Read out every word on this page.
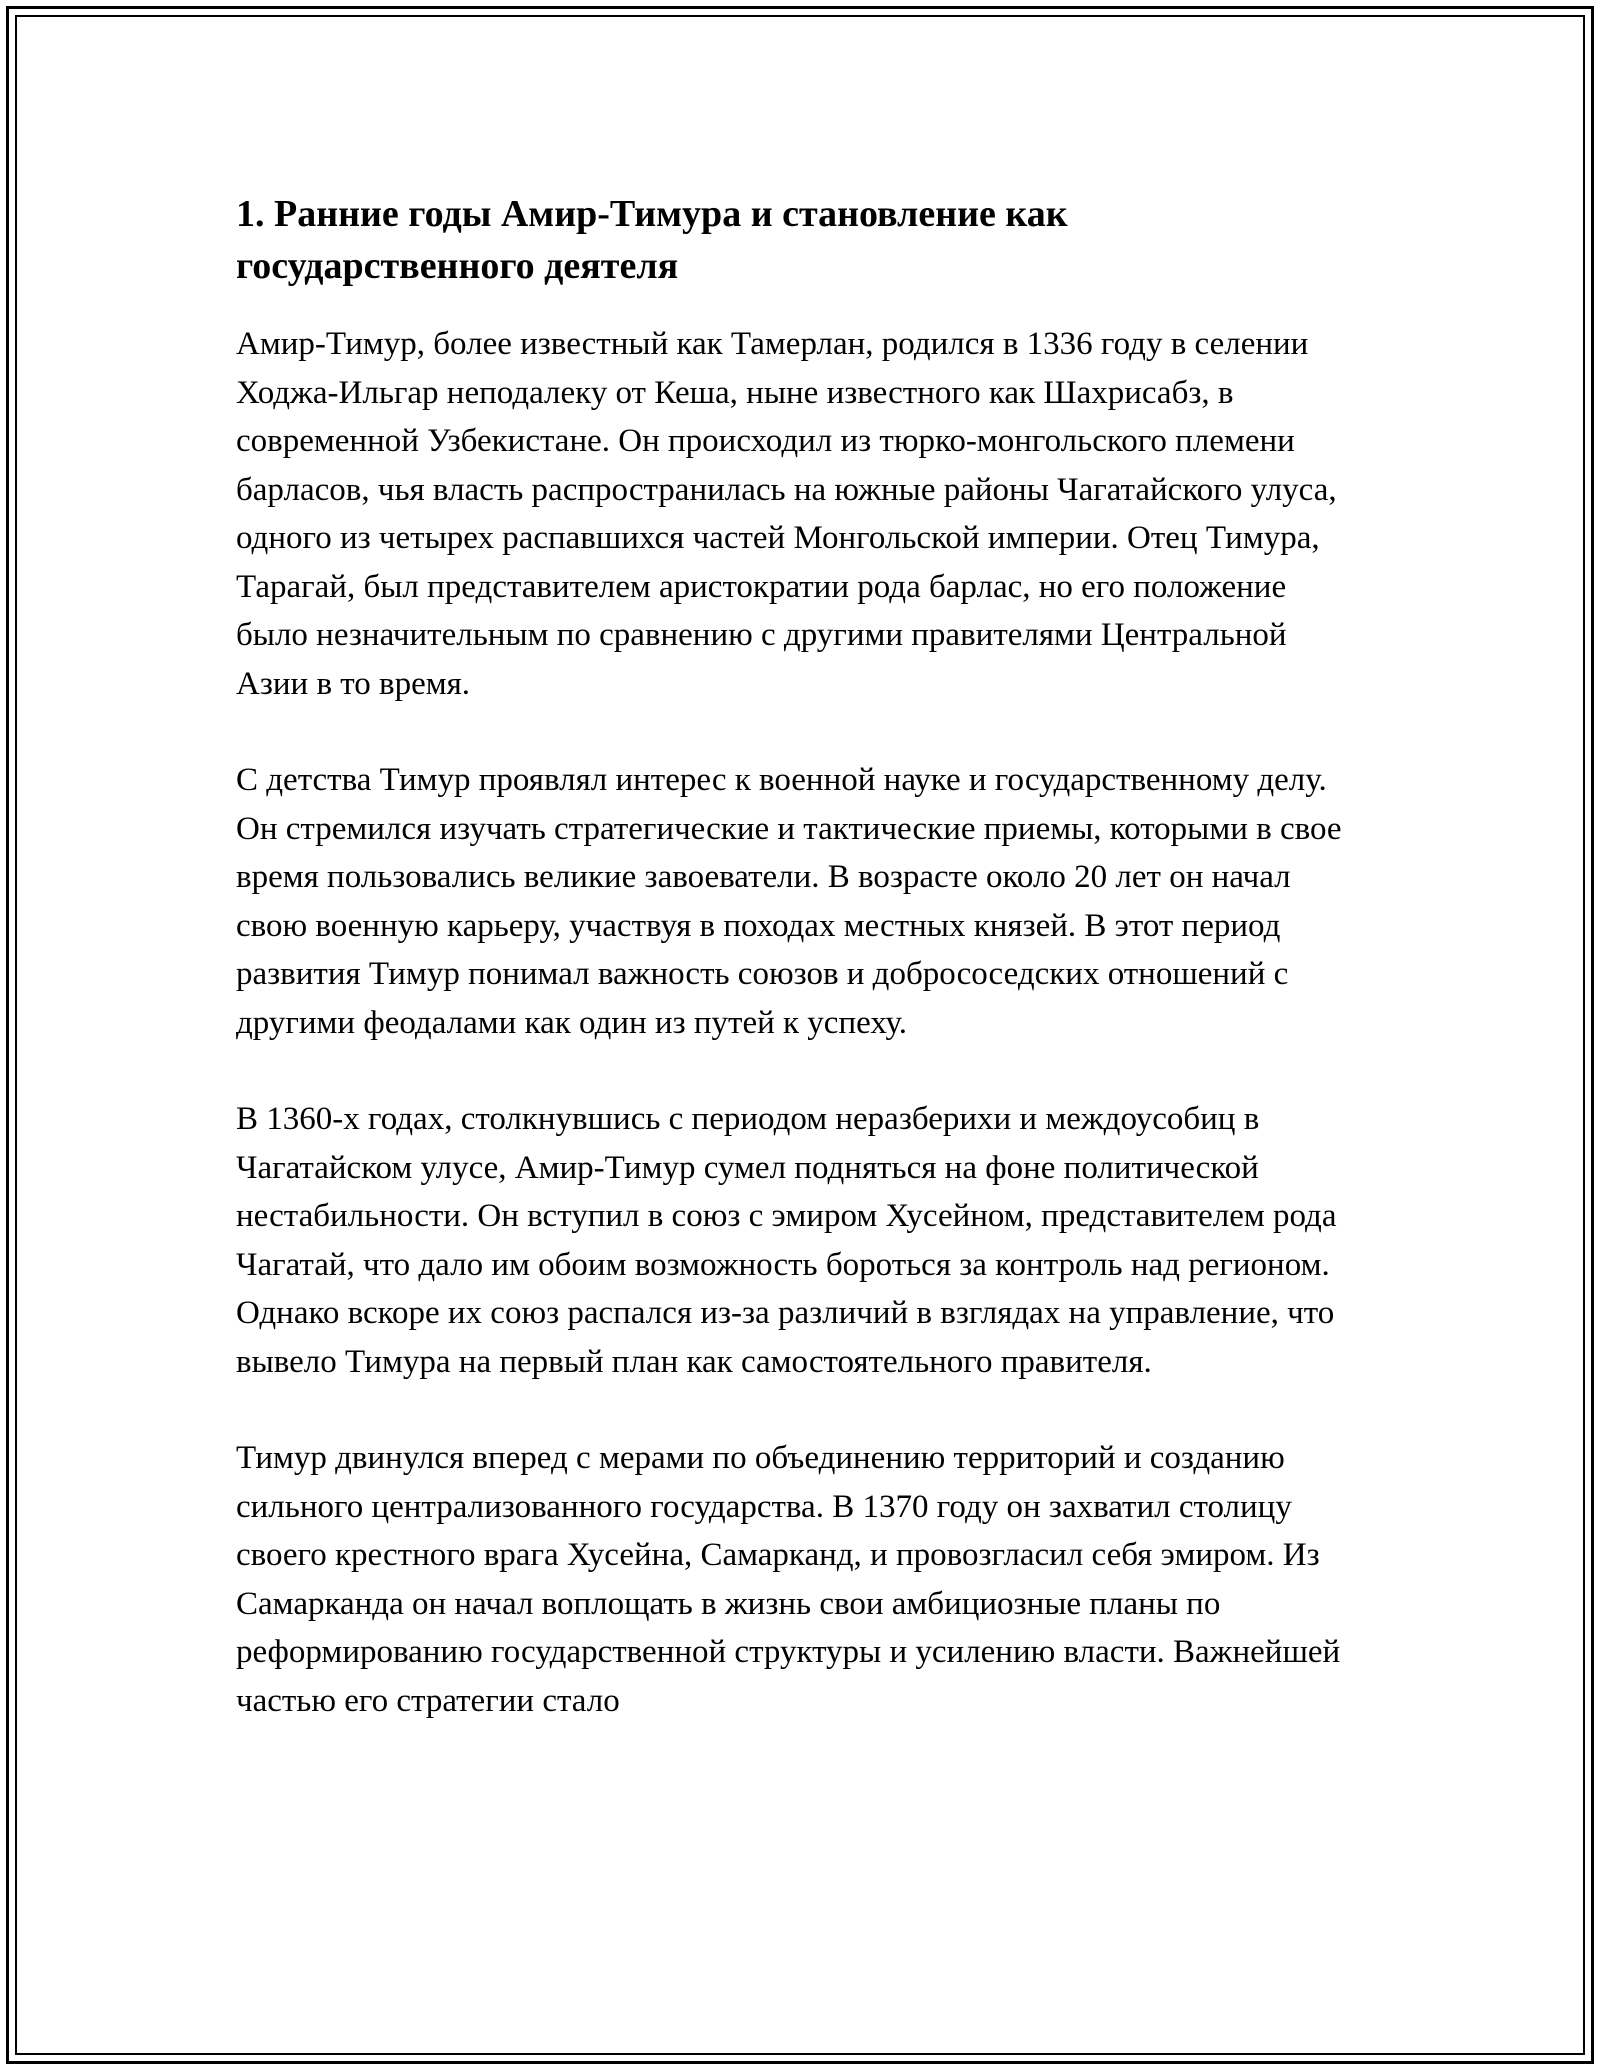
1. Ранние годы Амир-Тимура и становление как государственного деятеля

Амир-Тимур, более известный как Тамерлан, родился в 1336 году в селении Ходжа-Ильгар неподалеку от Кеша, ныне известного как Шахрисабз, в современной Узбекистане. Он происходил из тюрко-монгольского племени барласов, чья власть распространилась на южные районы Чагатайского улуса, одного из четырех распавшихся частей Монгольской империи. Отец Тимура, Тарагай, был представителем аристократии рода барлас, но его положение было незначительным по сравнению с другими правителями Центральной Азии в то время.

С детства Тимур проявлял интерес к военной науке и государственному делу. Он стремился изучать стратегические и тактические приемы, которыми в свое время пользовались великие завоеватели. В возрасте около 20 лет он начал свою военную карьеру, участвуя в походах местных князей. В этот период развития Тимур понимал важность союзов и добрососедских отношений с другими феодалами как один из путей к успеху.

В 1360-х годах, столкнувшись с периодом неразберихи и междоусобиц в Чагатайском улусе, Амир-Тимур сумел подняться на фоне политической нестабильности. Он вступил в союз с эмиром Хусейном, представителем рода Чагатай, что дало им обоим возможность бороться за контроль над регионом. Однако вскоре их союз распался из-за различий в взглядах на управление, что вывело Тимура на первый план как самостоятельного правителя.

Тимур двинулся вперед с мерами по объединению территорий и созданию сильного централизованного государства. В 1370 году он захватил столицу своего крестного врага Хусейна, Самарканд, и провозгласил себя эмиром. Из Самарканда он начал воплощать в жизнь свои амбициозные планы по реформированию государственной структуры и усилению власти. Важнейшей частью его стратегии стало
